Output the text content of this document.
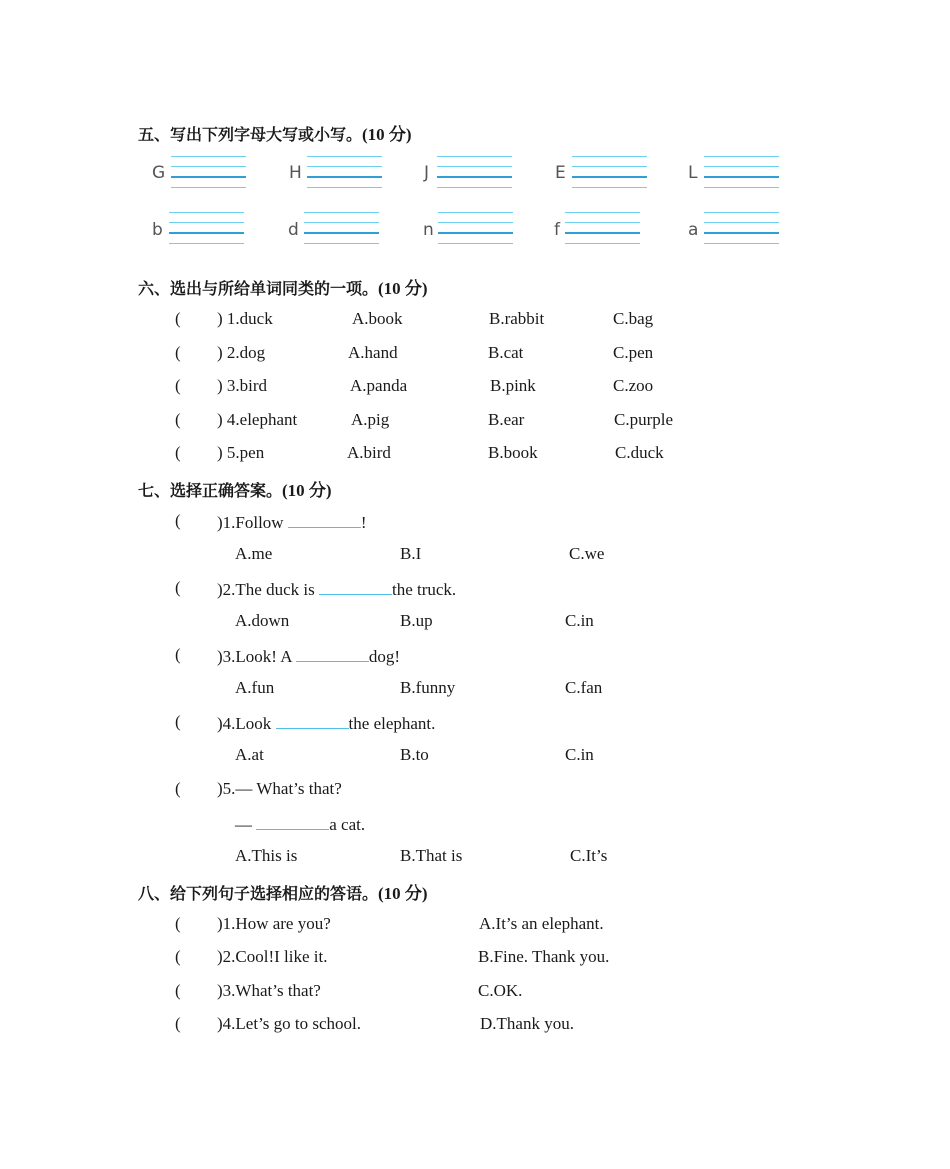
五、写出下列字母大写或小写。(10 分)
G	H	J	E	L
b	d	n	f	a
六、选出与所给单词同类的一项。(10 分)
( ) 1.duck	A.book	B.rabbit	C.bag
( ) 2.dog	A.hand	B.cat	C.pen
( ) 3.bird	A.panda	B.pink	C.zoo
( ) 4.elephant	A.pig	B.ear	C.purple
( ) 5.pen	A.bird	B.book	C.duck
七、选择正确答案。(10 分)
( )1.Follow	!
A.me	B.I	C.we
( )2.The duck is	the truck.
A.down	B.up	C.in
( )3.Look! A	dog!
A.fun	B.funny	C.fan
( )4.Look	the elephant.
A.at	B.to	C.in
( )5.— What’s that?
—	a cat.
A.This is	B.That is	C.It’s
八、给下列句子选择相应的答语。(10 分)
( )1.How are you?	A.It’s an elephant.
( )2.Cool!I like it.	B.Fine. Thank you.
( )3.What’s that?	C.OK.
( )4.Let’s go to school.	D.Thank you.
